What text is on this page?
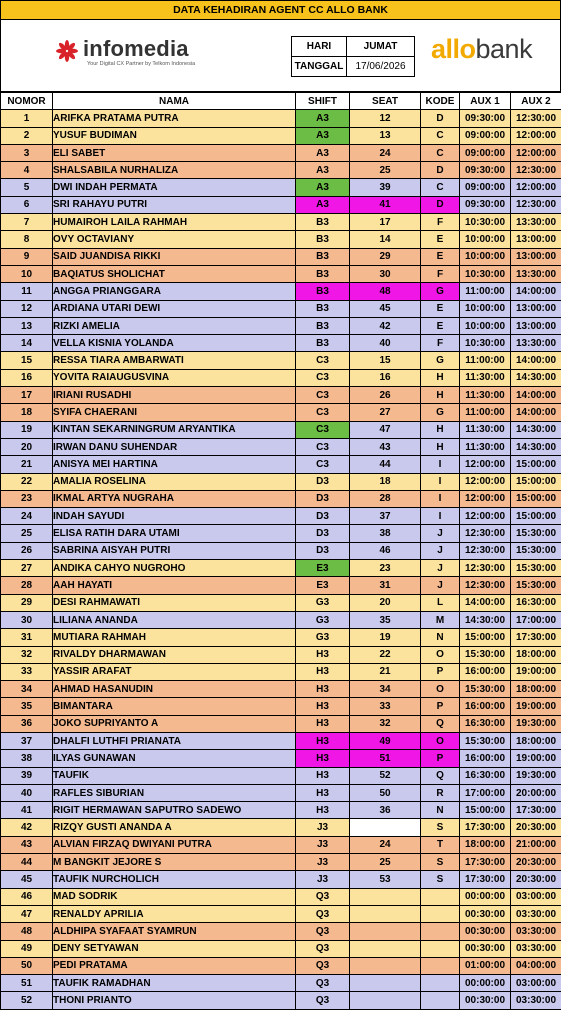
DATA KEHADIRAN AGENT CC ALLO BANK
infomedia
Your Digital CX Partner by Telkom Indonesia
HARI	JUMAT
TANGGAL	17/06/2026
allobank
NOMOR	NAMA	SHIFT	SEAT	KODE	AUX 1	AUX 2
1	ARIFKA PRATAMA PUTRA	A3	12	D	09:30:00	12:30:00
2	YUSUF BUDIMAN	A3	13	C	09:00:00	12:00:00
3	ELI SABET	A3	24	C	09:00:00	12:00:00
4	SHALSABILA NURHALIZA	A3	25	D	09:30:00	12:30:00
5	DWI INDAH PERMATA	A3	39	C	09:00:00	12:00:00
6	SRI RAHAYU PUTRI	A3	41	D	09:30:00	12:30:00
7	HUMAIROH LAILA RAHMAH	B3	17	F	10:30:00	13:30:00
8	OVY OCTAVIANY	B3	14	E	10:00:00	13:00:00
9	SAID JUANDISA RIKKI	B3	29	E	10:00:00	13:00:00
10	BAQIATUS SHOLICHAT	B3	30	F	10:30:00	13:30:00
11	ANGGA PRIANGGARA	B3	48	G	11:00:00	14:00:00
12	ARDIANA UTARI DEWI	B3	45	E	10:00:00	13:00:00
13	RIZKI AMELIA	B3	42	E	10:00:00	13:00:00
14	VELLA KISNIA YOLANDA	B3	40	F	10:30:00	13:30:00
15	RESSA TIARA AMBARWATI	C3	15	G	11:00:00	14:00:00
16	YOVITA RAIAUGUSVINA	C3	16	H	11:30:00	14:30:00
17	IRIANI RUSADHI	C3	26	H	11:30:00	14:00:00
18	SYIFA CHAERANI	C3	27	G	11:00:00	14:00:00
19	KINTAN SEKARNINGRUM ARYANTIKA	C3	47	H	11:30:00	14:30:00
20	IRWAN DANU SUHENDAR	C3	43	H	11:30:00	14:30:00
21	ANISYA MEI HARTINA	C3	44	I	12:00:00	15:00:00
22	AMALIA ROSELINA	D3	18	I	12:00:00	15:00:00
23	IKMAL ARTYA NUGRAHA	D3	28	I	12:00:00	15:00:00
24	INDAH SAYUDI	D3	37	I	12:00:00	15:00:00
25	ELISA RATIH DARA UTAMI	D3	38	J	12:30:00	15:30:00
26	SABRINA AISYAH PUTRI	D3	46	J	12:30:00	15:30:00
27	ANDIKA CAHYO NUGROHO	E3	23	J	12:30:00	15:30:00
28	AAH HAYATI	E3	31	J	12:30:00	15:30:00
29	DESI RAHMAWATI	G3	20	L	14:00:00	16:30:00
30	LILIANA ANANDA	G3	35	M	14:30:00	17:00:00
31	MUTIARA RAHMAH	G3	19	N	15:00:00	17:30:00
32	RIVALDY DHARMAWAN	H3	22	O	15:30:00	18:00:00
33	YASSIR ARAFAT	H3	21	P	16:00:00	19:00:00
34	AHMAD HASANUDIN	H3	34	O	15:30:00	18:00:00
35	BIMANTARA	H3	33	P	16:00:00	19:00:00
36	JOKO SUPRIYANTO A	H3	32	Q	16:30:00	19:30:00
37	DHALFI LUTHFI PRIANATA	H3	49	O	15:30:00	18:00:00
38	ILYAS GUNAWAN	H3	51	P	16:00:00	19:00:00
39	TAUFIK	H3	52	Q	16:30:00	19:30:00
40	RAFLES SIBURIAN	H3	50	R	17:00:00	20:00:00
41	RIGIT HERMAWAN SAPUTRO SADEWO	H3	36	N	15:00:00	17:30:00
42	RIZQY GUSTI ANANDA A	J3		S	17:30:00	20:30:00
43	ALVIAN FIRZAQ DWIYANI PUTRA	J3	24	T	18:00:00	21:00:00
44	M BANGKIT JEJORE S	J3	25	S	17:30:00	20:30:00
45	TAUFIK NURCHOLICH	J3	53	S	17:30:00	20:30:00
46	MAD SODRIK	Q3			00:00:00	03:00:00
47	RENALDY APRILIA	Q3			00:30:00	03:30:00
48	ALDHIPA SYAFAAT SYAMRUN	Q3			00:30:00	03:30:00
49	DENY SETYAWAN	Q3			00:30:00	03:30:00
50	PEDI PRATAMA	Q3			01:00:00	04:00:00
51	TAUFIK RAMADHAN	Q3			00:00:00	03:00:00
52	THONI PRIANTO	Q3			00:30:00	03:30:00
